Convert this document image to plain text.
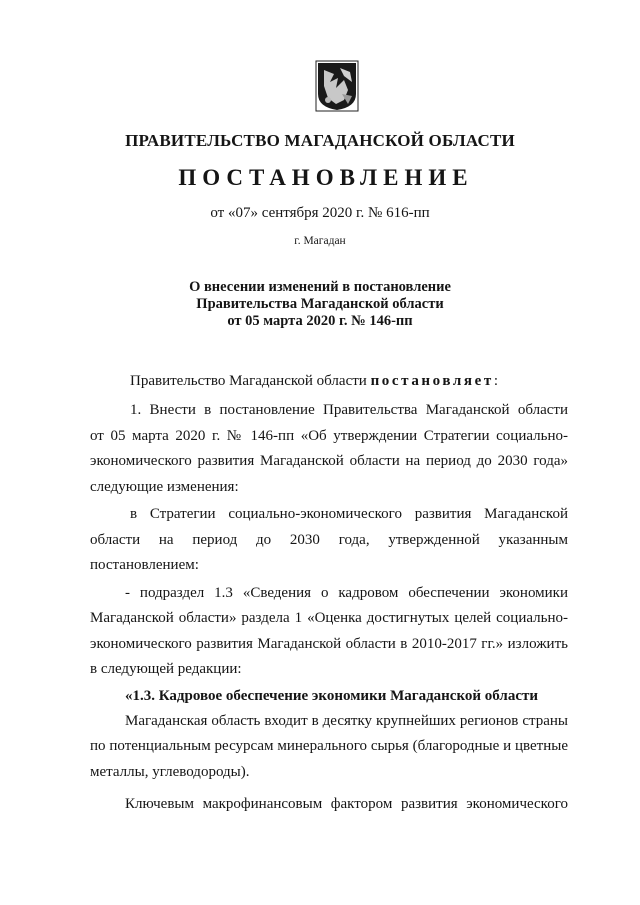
ПРАВИТЕЛЬСТВО МАГАДАНСКОЙ ОБЛАСТИ
ПОСТАНОВЛЕНИЕ
от «07» сентября 2020 г. № 616-пп
г. Магадан
О внесении изменений в постановление
Правительства Магаданской области
от 05 марта 2020 г. № 146-пп
Правительство Магаданской области постановляет:
1. Внести в постановление Правительства Магаданской области
от 05 марта 2020 г. № 146-пп «Об утверждении Стратегии социально-
экономического развития Магаданской области на период до 2030 года»
следующие изменения:
в Стратегии социально-экономического развития Магаданской
области на период до 2030 года, утвержденной указанным
постановлением:
- подраздел 1.3 «Сведения о кадровом обеспечении экономики
Магаданской области» раздела 1 «Оценка достигнутых целей социально-
экономического развития Магаданской области в 2010-2017 гг.» изложить
в следующей редакции:
«1.3. Кадровое обеспечение экономики Магаданской области
Магаданская область входит в десятку крупнейших регионов страны
по потенциальным ресурсам минерального сырья (благородные и цветные
металлы, углеводороды).
Ключевым макрофинансовым фактором развития экономического
